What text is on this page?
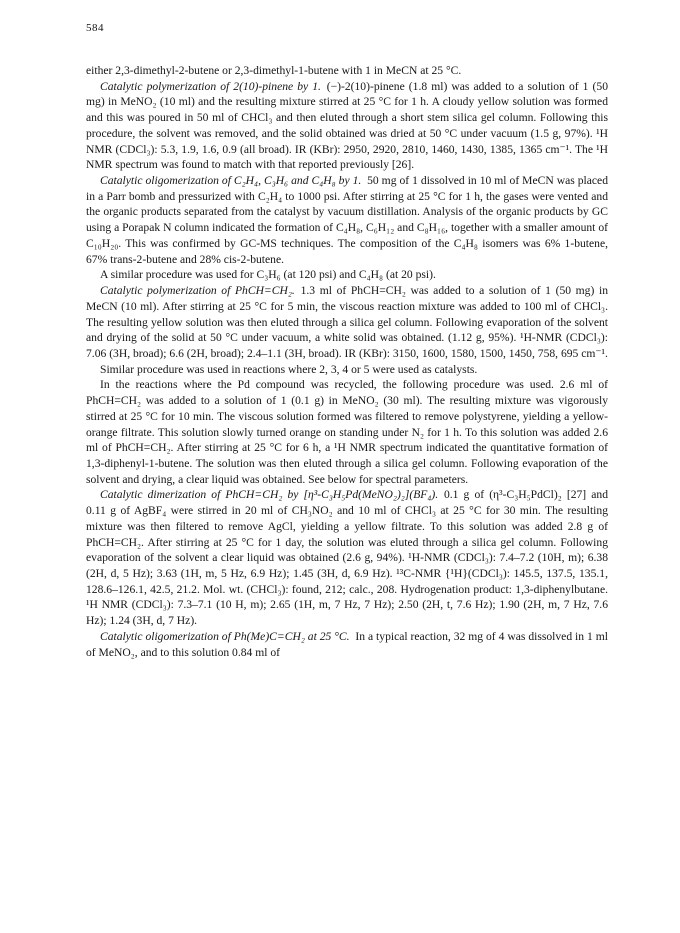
584

either 2,3-dimethyl-2-butene or 2,3-dimethyl-1-butene with 1 in MeCN at 25 °C.

Catalytic polymerization of 2(10)-pinene by 1.  (−)-2(10)-pinene (1.8 ml) was added to a solution of 1 (50 mg) in MeNO₂ (10 ml) and the resulting mixture stirred at 25 °C for 1 h. A cloudy yellow solution was formed and this was poured in 50 ml of CHCl₃ and then eluted through a short stem silica gel column. Following this procedure, the solvent was removed, and the solid obtained was dried at 50 °C under vacuum (1.5 g, 97%). ¹H NMR (CDCl₃): 5.3, 1.9, 1.6, 0.9 (all broad). IR (KBr): 2950, 2920, 2810, 1460, 1430, 1385, 1365 cm⁻¹. The ¹H NMR spectrum was found to match with that reported previously [26].

Catalytic oligomerization of C₂H₄, C₃H₆ and C₄H₈ by 1.  50 mg of 1 dissolved in 10 ml of MeCN was placed in a Parr bomb and pressurized with C₂H₄ to 1000 psi. After stirring at 25 °C for 1 h, the gases were vented and the organic products separated from the catalyst by vacuum distillation. Analysis of the organic products by GC using a Porapak N column indicated the formation of C₄H₈, C₆H₁₂ and C₈H₁₆, together with a smaller amount of C₁₀H₂₀. This was confirmed by GC-MS techniques. The composition of the C₄H₈ isomers was 6% 1-butene, 67% trans-2-butene and 28% cis-2-butene.

A similar procedure was used for C₃H₆ (at 120 psi) and C₄H₈ (at 20 psi).

Catalytic polymerization of PhCH=CH₂.  1.3 ml of PhCH=CH₂ was added to a solution of 1 (50 mg) in MeCN (10 ml). After stirring at 25 °C for 5 min, the viscous reaction mixture was added to 100 ml of CHCl₃. The resulting yellow solution was then eluted through a silica gel column. Following evaporation of the solvent and drying of the solid at 50 °C under vacuum, a white solid was obtained. (1.12 g, 95%). ¹H-NMR (CDCl₃): 7.06 (3H, broad); 6.6 (2H, broad); 2.4–1.1 (3H, broad). IR (KBr): 3150, 1600, 1580, 1500, 1450, 758, 695 cm⁻¹.

Similar procedure was used in reactions where 2, 3, 4 or 5 were used as catalysts.

In the reactions where the Pd compound was recycled, the following procedure was used. 2.6 ml of PhCH=CH₂ was added to a solution of 1 (0.1 g) in MeNO₂ (30 ml). The resulting mixture was vigorously stirred at 25 °C for 10 min. The viscous solution formed was filtered to remove polystyrene, yielding a yellow-orange filtrate. This solution slowly turned orange on standing under N₂ for 1 h. To this solution was added 2.6 ml of PhCH=CH₂. After stirring at 25 °C for 6 h, a ¹H NMR spectrum indicated the quantitative formation of 1,3-diphenyl-1-butene. The solution was then eluted through a silica gel column. Following evaporation of the solvent and drying, a clear liquid was obtained. See below for spectral parameters.

Catalytic dimerization of PhCH=CH₂ by [η³-C₃H₅Pd(MeNO₂)₂](BF₄).  0.1 g of (η³-C₃H₅PdCl)₂ [27] and 0.11 g of AgBF₄ were stirred in 20 ml of CH₃NO₂ and 10 ml of CHCl₃ at 25 °C for 30 min. The resulting mixture was then filtered to remove AgCl, yielding a yellow filtrate. To this solution was added 2.8 g of PhCH=CH₂. After stirring at 25 °C for 1 day, the solution was eluted through a silica gel column. Following evaporation of the solvent a clear liquid was obtained (2.6 g, 94%). ¹H-NMR (CDCl₃): 7.4–7.2 (10H, m); 6.38 (2H, d, 5 Hz); 3.63 (1H, m, 5 Hz, 6.9 Hz); 1.45 (3H, d, 6.9 Hz). ¹³C-NMR {¹H}(CDCl₃): 145.5, 137.5, 135.1, 128.6–126.1, 42.5, 21.2. Mol. wt. (CHCl₃): found, 212; calc., 208. Hydrogenation product: 1,3-diphenylbutane. ¹H NMR (CDCl₃): 7.3–7.1 (10 H, m); 2.65 (1H, m, 7 Hz, 7 Hz); 2.50 (2H, t, 7.6 Hz); 1.90 (2H, m, 7 Hz, 7.6 Hz); 1.24 (3H, d, 7 Hz).

Catalytic oligomerization of Ph(Me)C=CH₂ at 25 °C.  In a typical reaction, 32 mg of 4 was dissolved in 1 ml of MeNO₂, and to this solution 0.84 ml of
